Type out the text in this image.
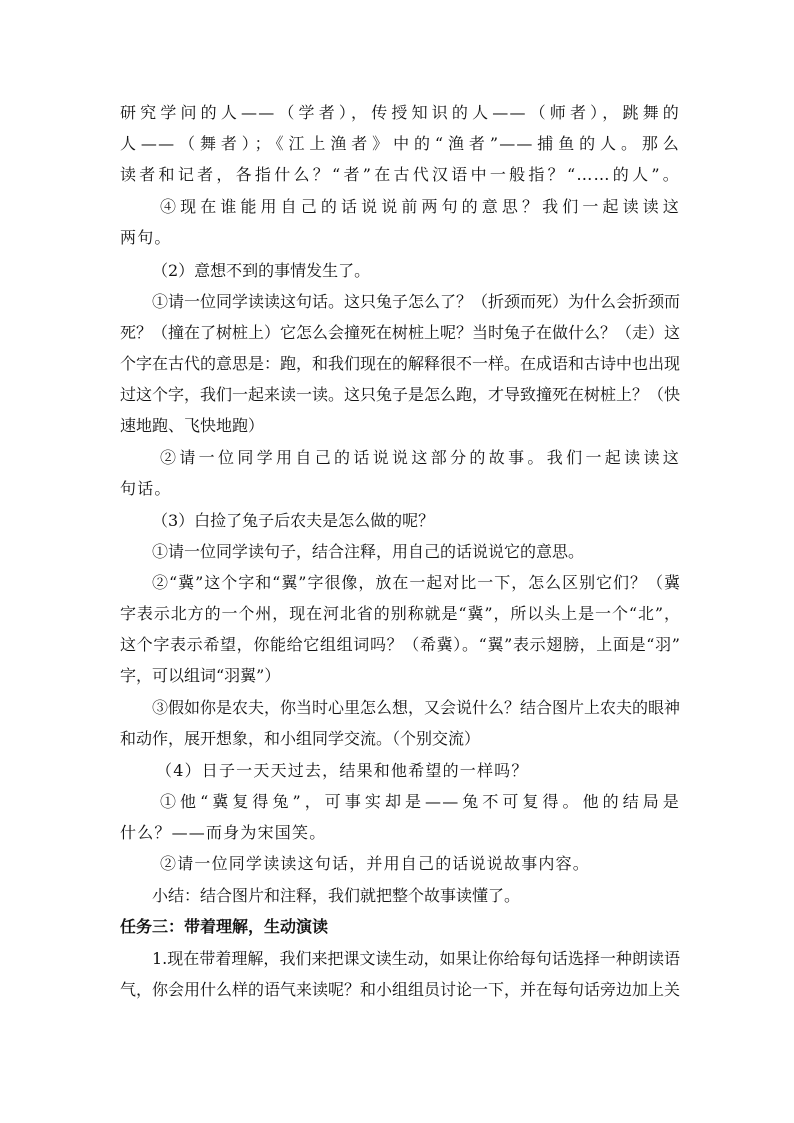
研究学问的人——（学者），传授知识的人——（师者），跳舞的
人——（舞者）；《江上渔者》中的“渔者”——捕鱼的人。那么
读者和记者，各指什么？“者”在古代汉语中一般指？“……的人”。
④现在谁能用自己的话说说前两句的意思？我们一起读读这
两句。
（2）意想不到的事情发生了。
①请一位同学读读这句话。这只兔子怎么了？（折颈而死）为什么会折颈而
死？（撞在了树桩上）它怎么会撞死在树桩上呢？当时兔子在做什么？（走）这
个字在古代的意思是：跑，和我们现在的解释很不一样。在成语和古诗中也出现
过这个字，我们一起来读一读。这只兔子是怎么跑，才导致撞死在树桩上？（快
速地跑、飞快地跑）
②请一位同学用自己的话说说这部分的故事。我们一起读读这
句话。
（3）白捡了兔子后农夫是怎么做的呢？
①请一位同学读句子，结合注释，用自己的话说说它的意思。
②“冀”这个字和“翼”字很像，放在一起对比一下，怎么区别它们？（冀
字表示北方的一个州，现在河北省的别称就是“冀”，所以头上是一个“北”，
这个字表示希望，你能给它组组词吗？（希冀）。“翼”表示翅膀，上面是“羽”
字，可以组词“羽翼”）
③假如你是农夫，你当时心里怎么想，又会说什么？结合图片上农夫的眼神
和动作，展开想象，和小组同学交流。（个别交流）
（4）日子一天天过去，结果和他希望的一样吗？
①他“冀复得兔”，可事实却是——兔不可复得。他的结局是
什么？——而身为宋国笑。
②请一位同学读读这句话，并用自己的话说说故事内容。
小结：结合图片和注释，我们就把整个故事读懂了。
任务三：带着理解，生动演读
1.现在带着理解，我们来把课文读生动，如果让你给每句话选择一种朗读语
气，你会用什么样的语气来读呢？和小组组员讨论一下，并在每句话旁边加上关
